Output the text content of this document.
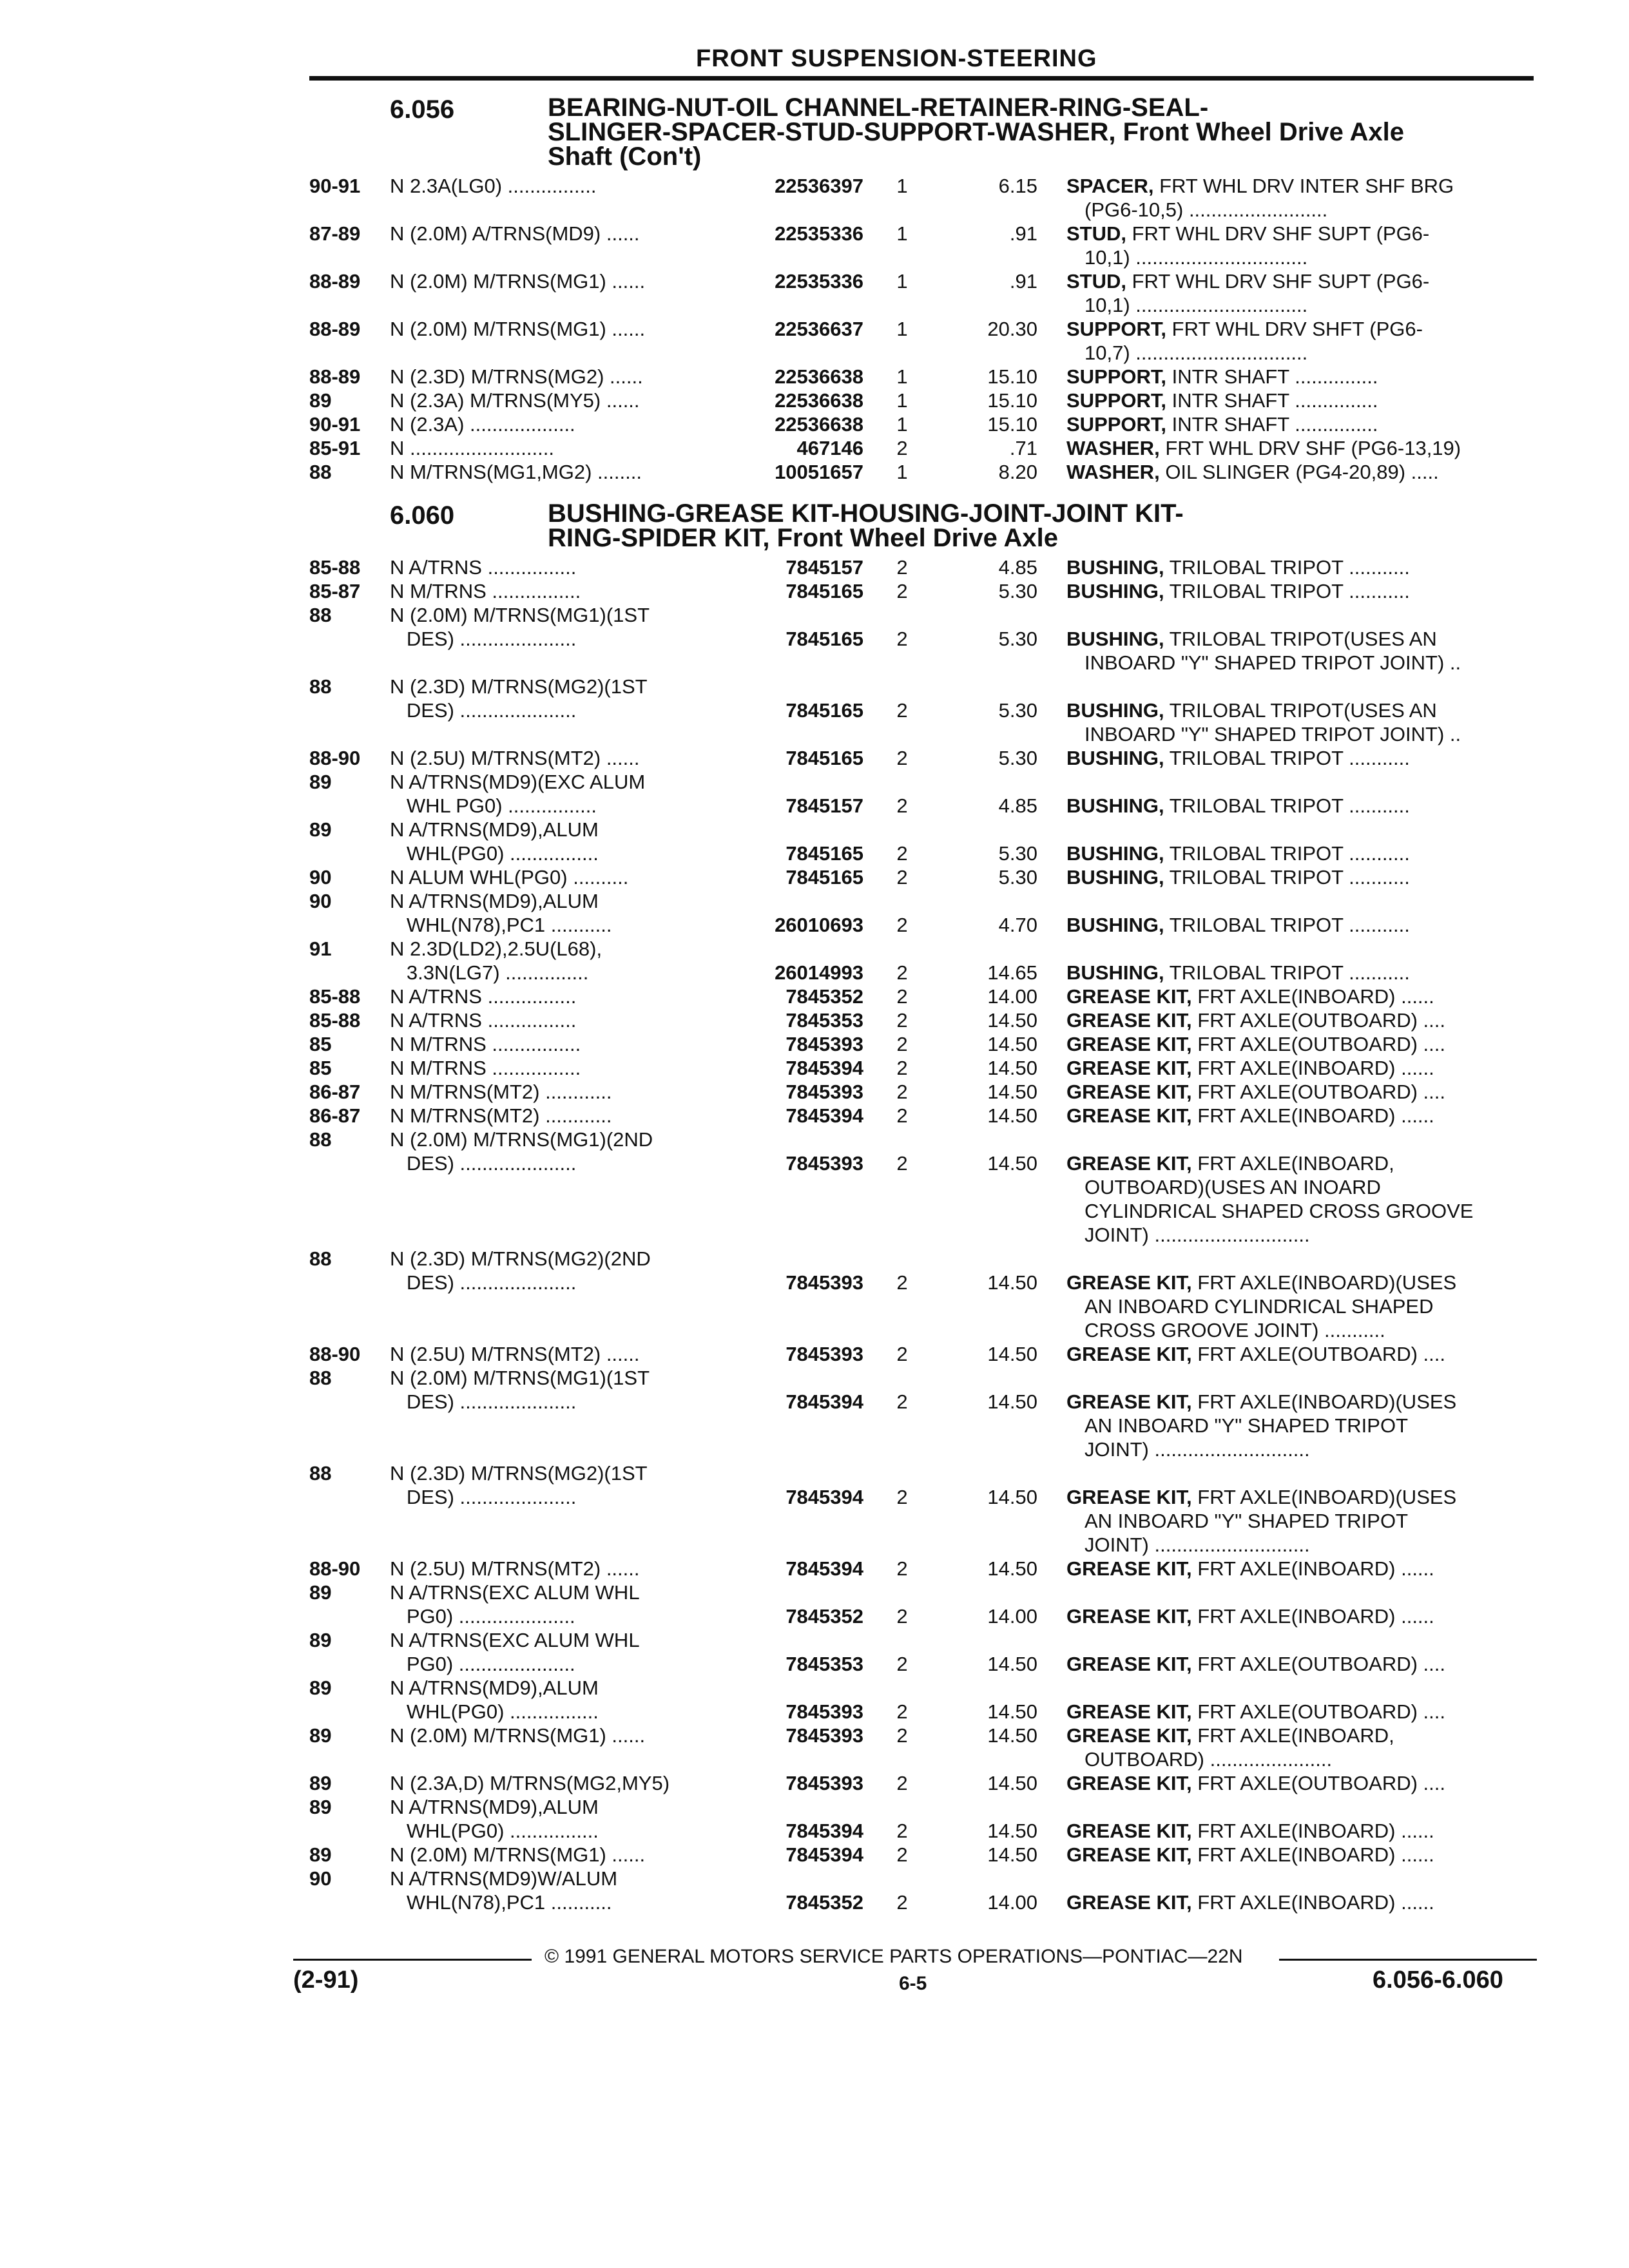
FRONT SUSPENSION-STEERING
6.056	BEARING-NUT-OIL CHANNEL-RETAINER-RING-SEAL-
SLINGER-SPACER-STUD-SUPPORT-WASHER, Front Wheel Drive Axle
Shaft (Con't)
90-91	N 2.3A(LG0) ................	22536397 1	6.15 SPACER, FRT WHL DRV INTER SHF BRG
(PG6-10,5) .........................
87-89	N (2.0M) A/TRNS(MD9) ......	22535336 1	.91 STUD, FRT WHL DRV SHF SUPT (PG6-
10,1) ...............................
88-89	N (2.0M) M/TRNS(MG1) ......	22535336 1	.91 STUD, FRT WHL DRV SHF SUPT (PG6-
10,1) ...............................
88-89	N (2.0M) M/TRNS(MG1) ......	22536637 1	20.30 SUPPORT, FRT WHL DRV SHFT (PG6-
10,7) ...............................
88-89	N (2.3D) M/TRNS(MG2) ......	22536638 1	15.10 SUPPORT, INTR SHAFT ...............
89	N (2.3A) M/TRNS(MY5) ......	22536638 1	15.10 SUPPORT, INTR SHAFT ...............
90-91	N (2.3A) ...................	22536638 1	15.10 SUPPORT, INTR SHAFT ...............
85-91	N ..........................	467146 2	.71 WASHER, FRT WHL DRV SHF (PG6-13,19)
88	N M/TRNS(MG1,MG2) ........	10051657 1	8.20 WASHER, OIL SLINGER (PG4-20,89) .....
6.060	BUSHING-GREASE KIT-HOUSING-JOINT-JOINT KIT-
RING-SPIDER KIT, Front Wheel Drive Axle
85-88	N A/TRNS ................	7845157 2	4.85 BUSHING, TRILOBAL TRIPOT ...........
85-87	N M/TRNS ................	7845165 2	5.30 BUSHING, TRILOBAL TRIPOT ...........
88	N (2.0M) M/TRNS(MG1)(1ST
DES) .....................	7845165 2	5.30 BUSHING, TRILOBAL TRIPOT(USES AN
INBOARD "Y" SHAPED TRIPOT JOINT) ..
88	N (2.3D) M/TRNS(MG2)(1ST
DES) .....................	7845165 2	5.30 BUSHING, TRILOBAL TRIPOT(USES AN
INBOARD "Y" SHAPED TRIPOT JOINT) ..
88-90	N (2.5U) M/TRNS(MT2) ......	7845165 2	5.30 BUSHING, TRILOBAL TRIPOT ...........
89	N A/TRNS(MD9)(EXC ALUM
WHL PG0) ................	7845157 2	4.85 BUSHING, TRILOBAL TRIPOT ...........
89	N A/TRNS(MD9),ALUM
WHL(PG0) ................	7845165 2	5.30 BUSHING, TRILOBAL TRIPOT ...........
90	N ALUM WHL(PG0) ..........	7845165 2	5.30 BUSHING, TRILOBAL TRIPOT ...........
90	N A/TRNS(MD9),ALUM
WHL(N78),PC1 ...........	26010693 2	4.70 BUSHING, TRILOBAL TRIPOT ...........
91	N 2.3D(LD2),2.5U(L68),
3.3N(LG7) ...............	26014993 2	14.65 BUSHING, TRILOBAL TRIPOT ...........
85-88	N A/TRNS ................	7845352 2	14.00 GREASE KIT, FRT AXLE(INBOARD) ......
85-88	N A/TRNS ................	7845353 2	14.50 GREASE KIT, FRT AXLE(OUTBOARD) ....
85	N M/TRNS ................	7845393 2	14.50 GREASE KIT, FRT AXLE(OUTBOARD) ....
85	N M/TRNS ................	7845394 2	14.50 GREASE KIT, FRT AXLE(INBOARD) ......
86-87	N M/TRNS(MT2) ............	7845393 2	14.50 GREASE KIT, FRT AXLE(OUTBOARD) ....
86-87	N M/TRNS(MT2) ............	7845394 2	14.50 GREASE KIT, FRT AXLE(INBOARD) ......
88	N (2.0M) M/TRNS(MG1)(2ND
DES) .....................	7845393 2	14.50 GREASE KIT, FRT AXLE(INBOARD,
OUTBOARD)(USES AN INOARD
CYLINDRICAL SHAPED CROSS GROOVE
JOINT) ............................
88	N (2.3D) M/TRNS(MG2)(2ND
DES) .....................	7845393 2	14.50 GREASE KIT, FRT AXLE(INBOARD)(USES
AN INBOARD CYLINDRICAL SHAPED
CROSS GROOVE JOINT) ...........
88-90	N (2.5U) M/TRNS(MT2) ......	7845393 2	14.50 GREASE KIT, FRT AXLE(OUTBOARD) ....
88	N (2.0M) M/TRNS(MG1)(1ST
DES) .....................	7845394 2	14.50 GREASE KIT, FRT AXLE(INBOARD)(USES
AN INBOARD "Y" SHAPED TRIPOT
JOINT) ............................
88	N (2.3D) M/TRNS(MG2)(1ST
DES) .....................	7845394 2	14.50 GREASE KIT, FRT AXLE(INBOARD)(USES
AN INBOARD "Y" SHAPED TRIPOT
JOINT) ............................
88-90	N (2.5U) M/TRNS(MT2) ......	7845394 2	14.50 GREASE KIT, FRT AXLE(INBOARD) ......
89	N A/TRNS(EXC ALUM WHL
PG0) .....................	7845352 2	14.00 GREASE KIT, FRT AXLE(INBOARD) ......
89	N A/TRNS(EXC ALUM WHL
PG0) .....................	7845353 2	14.50 GREASE KIT, FRT AXLE(OUTBOARD) ....
89	N A/TRNS(MD9),ALUM
WHL(PG0) ................	7845393 2	14.50 GREASE KIT, FRT AXLE(OUTBOARD) ....
89	N (2.0M) M/TRNS(MG1) ......	7845393 2	14.50 GREASE KIT, FRT AXLE(INBOARD,
OUTBOARD) ......................
89	N (2.3A,D) M/TRNS(MG2,MY5)	7845393 2	14.50 GREASE KIT, FRT AXLE(OUTBOARD) ....
89	N A/TRNS(MD9),ALUM
WHL(PG0) ................	7845394 2	14.50 GREASE KIT, FRT AXLE(INBOARD) ......
89	N (2.0M) M/TRNS(MG1) ......	7845394 2	14.50 GREASE KIT, FRT AXLE(INBOARD) ......
90	N A/TRNS(MD9)W/ALUM
WHL(N78),PC1 ...........	7845352 2	14.00 GREASE KIT, FRT AXLE(INBOARD) ......
© 1991 GENERAL MOTORS SERVICE PARTS OPERATIONS—PONTIAC—22N
(2-91)	6-5	6.056-6.060
